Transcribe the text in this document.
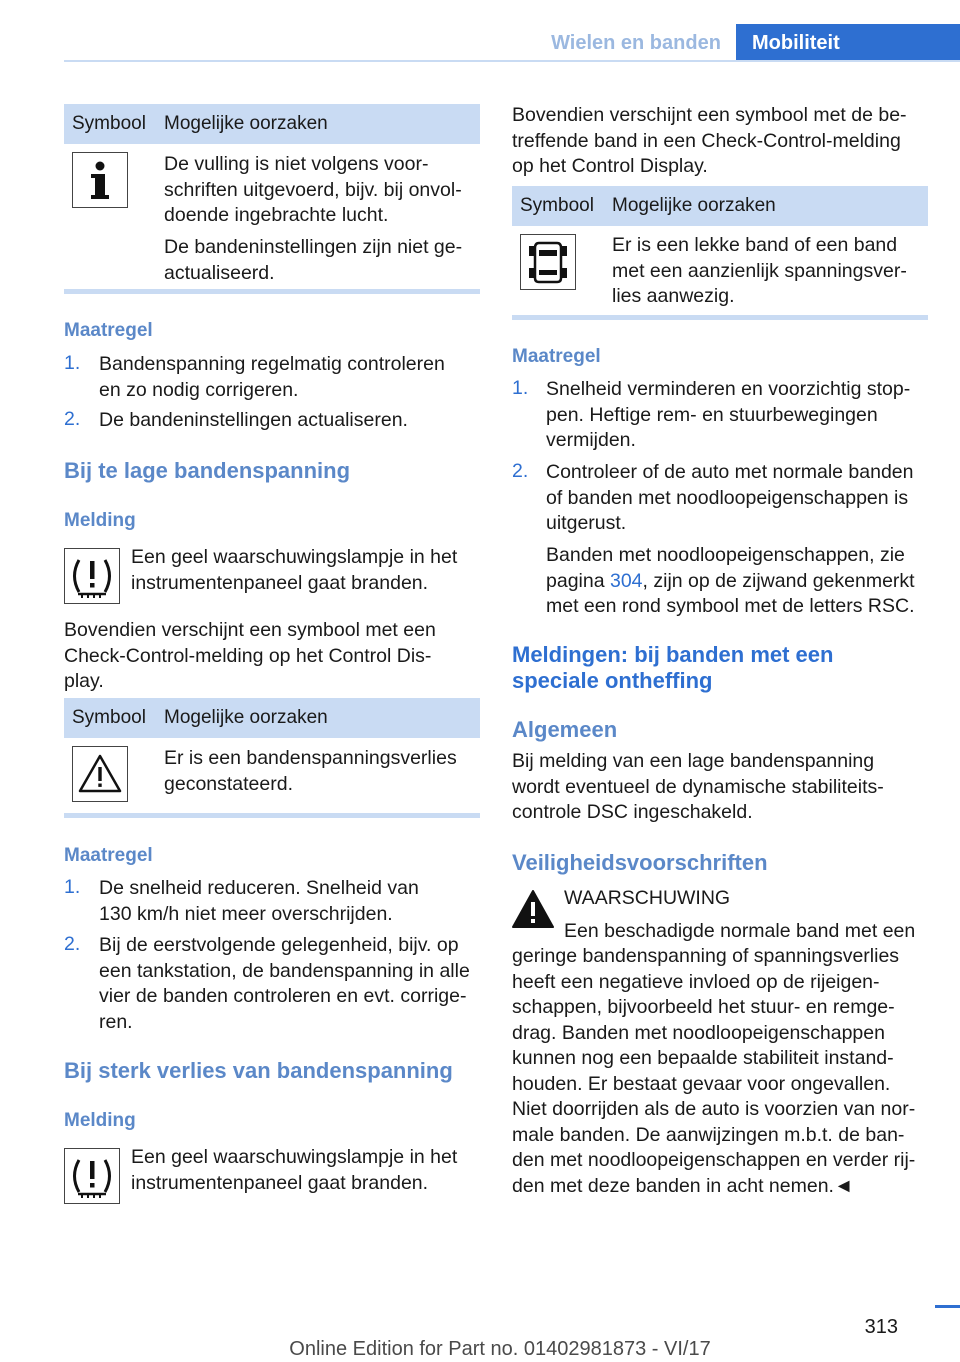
Wielen en banden	Mobiliteit
Symbool Mogelijke oorzaken
De vulling is niet volgens voor-
schriften uitgevoerd, bijv. bij onvol-
doende ingebrachte lucht.
De bandeninstellingen zijn niet ge-
actualiseerd.
Maatregel
1. Bandenspanning regelmatig controleren
en zo nodig corrigeren.
2. De bandeninstellingen actualiseren.
Bij te lage bandenspanning
Melding
Een geel waarschuwingslampje in het
instrumentenpaneel gaat branden.
Bovendien verschijnt een symbool met een
Check-Control-melding op het Control Dis-
play.
Symbool Mogelijke oorzaken
Er is een bandenspanningsverlies
geconstateerd.
Maatregel
1. De snelheid reduceren. Snelheid van
130 km/h niet meer overschrijden.
2. Bij de eerstvolgende gelegenheid, bijv. op
een tankstation, de bandenspanning in alle
vier de banden controleren en evt. corrige-
ren.
Bij sterk verlies van bandenspanning
Melding
Een geel waarschuwingslampje in het
instrumentenpaneel gaat branden.
Bovendien verschijnt een symbool met de be-
treffende band in een Check-Control-melding
op het Control Display.
Symbool Mogelijke oorzaken
Er is een lekke band of een band
met een aanzienlijk spanningsver-
lies aanwezig.
Maatregel
1. Snelheid verminderen en voorzichtig stop-
pen. Heftige rem- en stuurbewegingen
vermijden.
2. Controleer of de auto met normale banden
of banden met noodloopeigenschappen is
uitgerust.
Banden met noodloopeigenschappen, zie
pagina 304, zijn op de zijwand gekenmerkt
met een rond symbool met de letters RSC.
Meldingen: bij banden met een
speciale ontheffing
Algemeen
Bij melding van een lage bandenspanning
wordt eventueel de dynamische stabiliteits-
controle DSC ingeschakeld.
Veiligheidsvoorschriften
WAARSCHUWING
Een beschadigde normale band met een
geringe bandenspanning of spanningsverlies
heeft een negatieve invloed op de rijeigen-
schappen, bijvoorbeeld het stuur- en remge-
drag. Banden met noodloopeigenschappen
kunnen nog een bepaalde stabiliteit instand-
houden. Er bestaat gevaar voor ongevallen.
Niet doorrijden als de auto is voorzien van nor-
male banden. De aanwijzingen m.b.t. de ban-
den met noodloopeigenschappen en verder rij-
den met deze banden in acht nemen.◄
313
Online Edition for Part no. 01402981873 - VI/17
